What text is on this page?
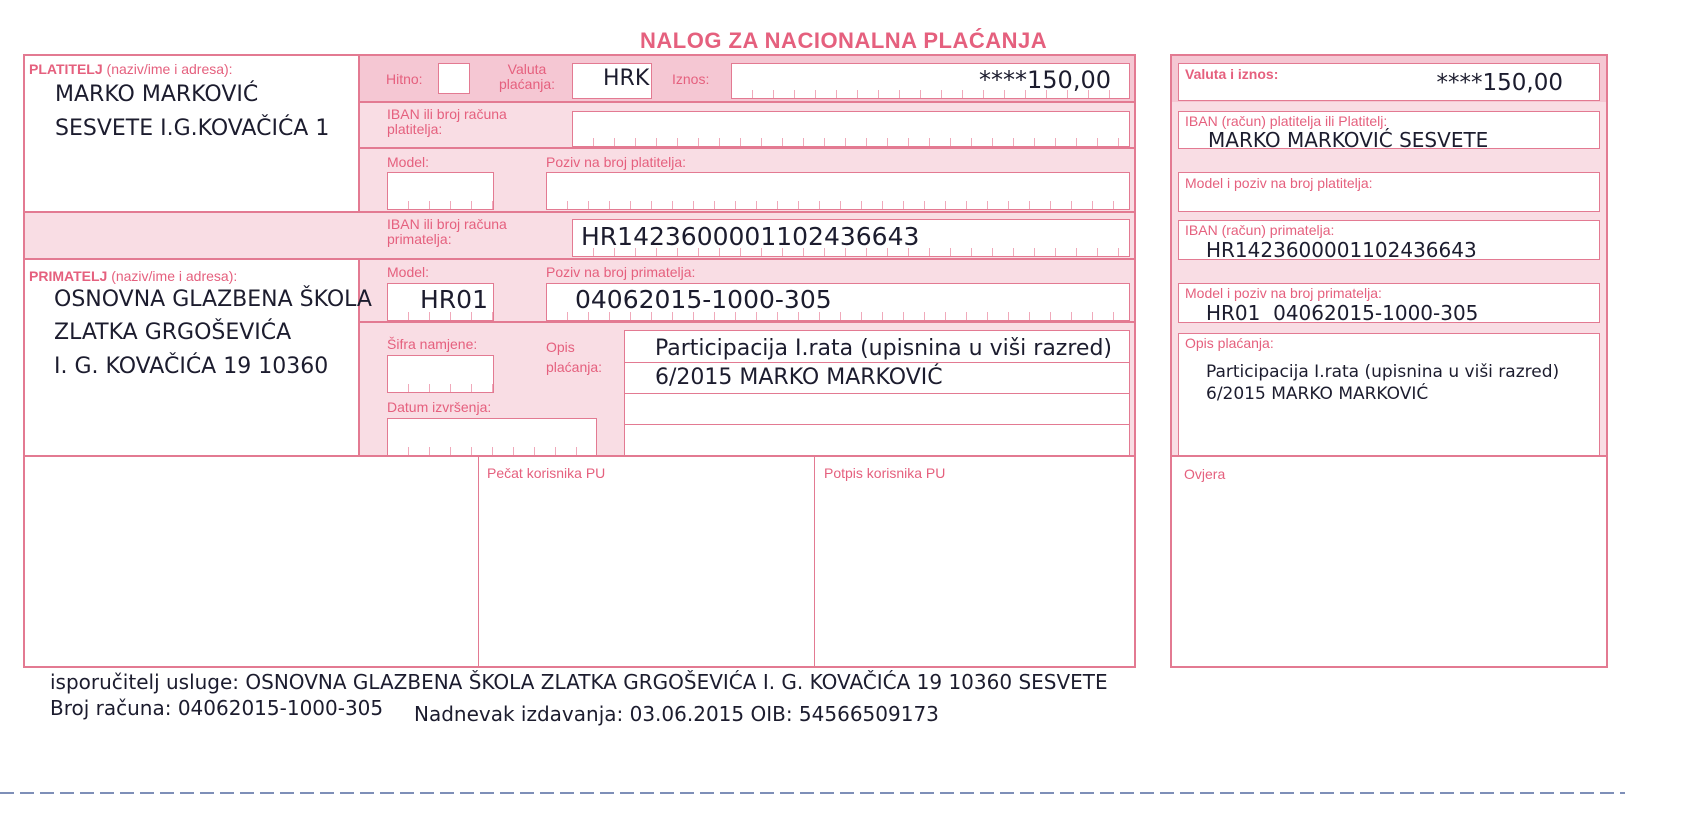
NALOG ZA NACIONALNA PLAĆANJA
PLATITELJ (naziv/ime i adresa):
MARKO MARKOVIĆ
SESVETE I.G.KOVAČIĆA 1
Hitno:
Valuta plaćanja:	HRK Iznos:	****150,00
IBAN ili broj računa platitelja:
Model:	Poziv na broj platitelja:
IBAN ili broj računa primatelja:	HR1423600001102436643
PRIMATELJ (naziv/ime i adresa):
OSNOVNA GLAZBENA ŠKOLA
ZLATKA GRGOŠEVIĆA
I. G. KOVAČIĆA 19 10360
Model:
HR01
Poziv na broj primatelja:
04062015-1000-305
Šifra namjene:	Opis plaćanja:
Participacija I.rata (upisnina u viši razred)
6/2015 MARKO MARKOVIĆ
Datum izvršenja:
Pečat korisnika PU	Potpis korisnika PU
Valuta i iznos:	****150,00
IBAN (račun) platitelja ili Platitelj:
MARKO MARKOVIĆ SESVETE
Model i poziv na broj platitelja:
IBAN (račun) primatelja:
HR1423600001102436643
Model i poziv na broj primatelja:
HR01  04062015-1000-305
Opis plaćanja:
Participacija I.rata (upisnina u viši razred)
6/2015 MARKO MARKOVIĆ
Ovjera
isporučitelj usluge: OSNOVNA GLAZBENA ŠKOLA ZLATKA GRGOŠEVIĆA I. G. KOVAČIĆA 19 10360 SESVETE
Broj računa: 04062015-1000-305 Nadnevak izdavanja: 03.06.2015 OIB: 54566509173
